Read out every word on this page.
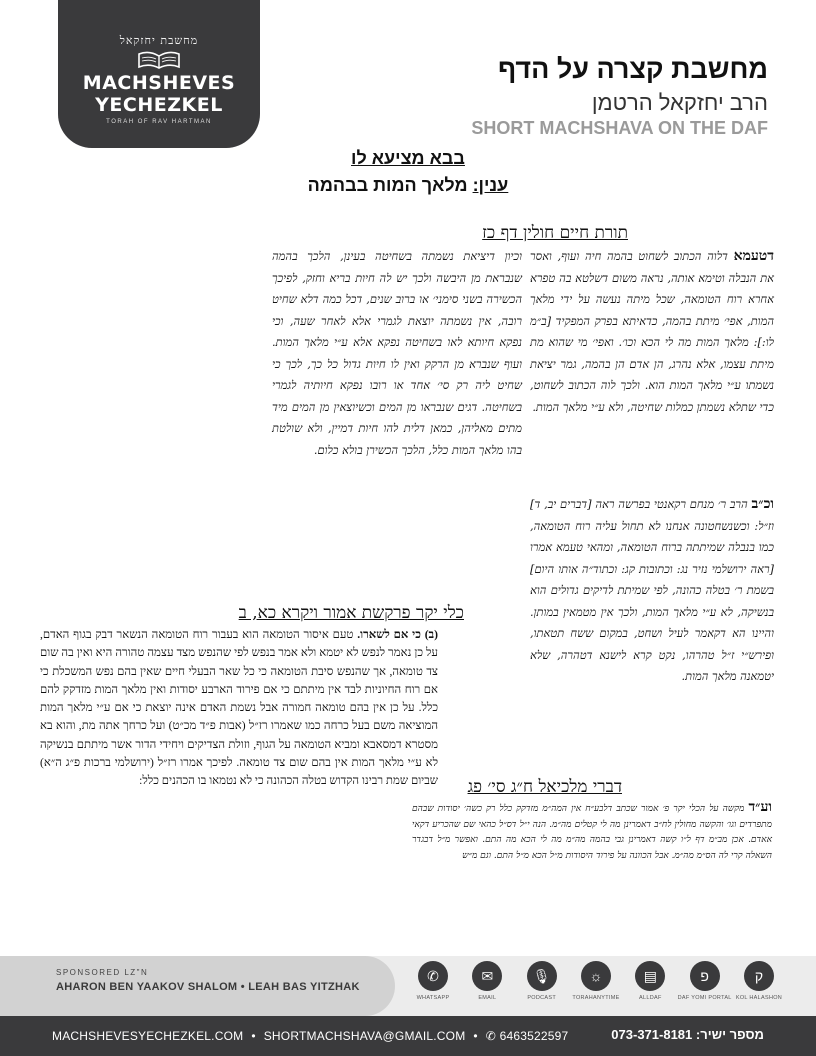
מחשבת יחזקאל
MACHSHEVES
YECHEZKEL
TORAH OF RAV HARTMAN
מחשבת קצרה על הדף
הרב יחזקאל הרטמן
SHORT MACHSHAVA ON THE DAF
בבא מציעא לו
ענין: מלאך המות בבהמה
תורת חיים חולין דף כז
דטעמא דלוה הכתוב לשחוט בהמה חיה ועוף, ואסר את הנבלה וטימא אותה, נראה משום דשלטא בה טפרא אחרא רוח הטומאה, שכל מיתה נעשה על ידי מלאך המות, אפי׳ מיתת בהמה, כדאיתא בפרק המפקיד [ב״מ לו:]: מלאך המות מה לי הכא וכו׳. ואפי׳ מי שהוא מת מיתת עצמו, אלא נהרג, הן אדם הן בהמה, גמר יציאת נשמתו ע״י מלאך המות הוא. ולכך לוה הכתוב לשחוט, כדי שתלא נשמתן כמלות שחיטה, ולא ע״י מלאך המות.
וכיון דיציאת נשמתה בשחיטה בעינן, הלכך בהמה שנבראת מן היבשה ולכך יש לה חיות בריא וחזק, לפיכך הכשירה בשני סימני׳ או ברוב שנים, דכל כמה דלא שחיט רובה, אין נשמתה יוצאת לגמרי אלא לאחר שעה, וכי נפקא חיותא לאו בשחיטה נפקא אלא ע״י מלאך המות. ועוף שנברא מן הרקק ואין לו חיות גדול כל כך, לכך כי שחיט ליה רק סי׳ אחד או רובו נפקא חיותיה לגמרי בשחיטה. דגים שנבראו מן המים וכשיוצאין מן המים מיד מתים מאליהן, כמאן דלית להו חיות דמיין, ולא שולטת בהו מלאך המות כלל, הלכך הכשירן בולא כלום.
וכ״ב הרב ר׳ מנחם רקאנטי בפרשה ראה [דברים יב, ד] וז״ל: וכשנשחטונה אנחנו לא תחול עליה רוח הטומאה, כמו בנבלה שמיתתה ברוח הטומאה, ומהאי טעמא אמרו [ראה ירושלמי נזיר נג: וכתובות קג: וכתוד״ה אותו היום] בשמת ר׳ בטלה כהונה, לפי שמיתת לדיקים גדולים הוא בנשיקה, לא ע״י מלאך המות, ולכך אין מטמאין במותן. והיינו הא דקאמר לעיל ושחט, במקום ששח תטאתו, ופירש״י ז״ל טהרהו, נקט קרא לישנא דטהרה, שלא יטמאנה מלאך המות.
כלי יקר פרקשת אמור ויקרא כא, ב
(ב) כי אם לשארו. טעם איסור הטומאה הוא בעבור רוח הטומאה הנשאר דבק בגוף האדם, על כן נאמר לנפש לא יטמא ולא אמר בנפש לפי שהנפש מצד עצמה טהורה היא ואין בה שום צד טומאה, אך שהנפש סיבת הטומאה כי כל שאר הבעלי חיים שאין בהם נפש המשכלת כי אם רוח החיוניות לבד אין מיתתם כי אם פירוד הארבע יסודות ואין מלאך המות מזדקק להם כלל. על כן אין בהם טומאה חמורה אבל נשמת האדם אינה יוצאת כי אם ע״י מלאך המות המוציאה משם בעל כרחה כמו שאמרו רז״ל (אבות פ״ד מכ״ט) ועל כרחך אתה מת, והוא בא מסטרא דמסאבא ומביא הטומאה על הגוף, וזולת הצדיקים ויחידי הדור אשר מיתתם בנשיקה לא ע״י מלאך המות אין בהם שום צד טומאה. לפיכך אמרו רז״ל (ירושלמי ברכות פ״ג ה״א) שביום שמת רבינו הקדוש בטלה הכהונה כי לא נטמאו בו הכהנים כלל: דברי מלכיאל ח״ג סי׳ פג
וע״ד מקשה על הכלי יקר פ׳ אמור שכתב דלבע״ח אין המה״מ מזדקק כלל רק כשה׳ יסודות שבהם מתפרדים וגו׳ והקשה מחולין לח״ב דאמרינן מה לי קטלים מה״מ. הנה י״ל דס״ל כהאי שם שהכריע דקאי אאדם. אכן מב״מ דף ל״ו קשה דאמרינן גבי בהמה מה״מ מה לי הכא מה התם. ואפשר מ״ל דבגדר השאלה קרי לה הס״מ מה״מ. אבל הכוונה על פירוד היסודות מ״ל הכא מ״ל התם. וגם מ״ש
SPONSORED LZ"N
AHARON BEN YAAKOV SHALOM • LEAH BAS YITZHAK
✆
WHATSAPP
✉
EMAIL
🎙
PODCAST
☼
TORAHANYTIME
▤
ALLDAF
פ
DAF YOMI PORTAL
ק
KOL HALASHON
MACHSHEVESYECHEZKEL.COM • SHORTMACHSHAVA@GMAIL.COM • ✆ 6463522597	מספר ישיר: 073-371-8181
